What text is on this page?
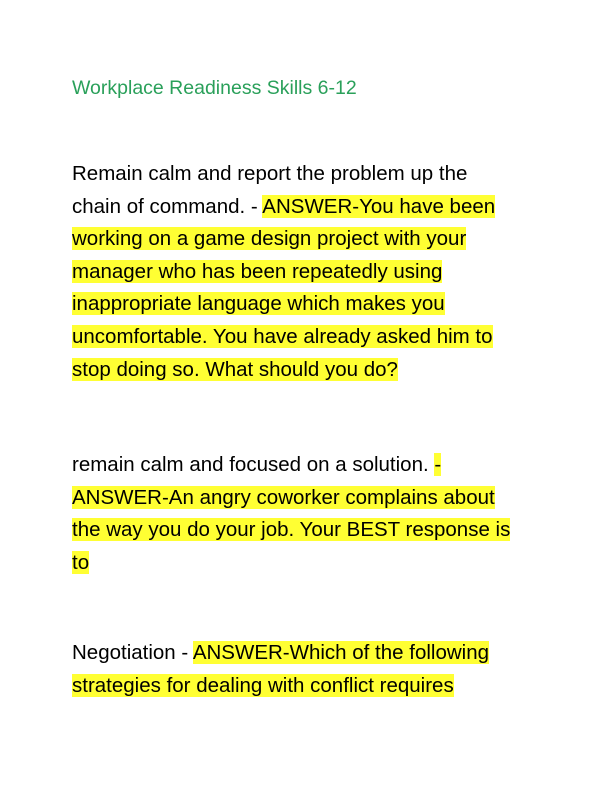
Workplace Readiness Skills 6-12
Remain calm and report the problem up the
chain of command. - ANSWER-You have been
working on a game design project with your
manager who has been repeatedly using
inappropriate language which makes you
uncomfortable. You have already asked him to
stop doing so. What should you do?
remain calm and focused on a solution. -
ANSWER-An angry coworker complains about
the way you do your job. Your BEST response is
to
Negotiation - ANSWER-Which of the following
strategies for dealing with conflict requires
